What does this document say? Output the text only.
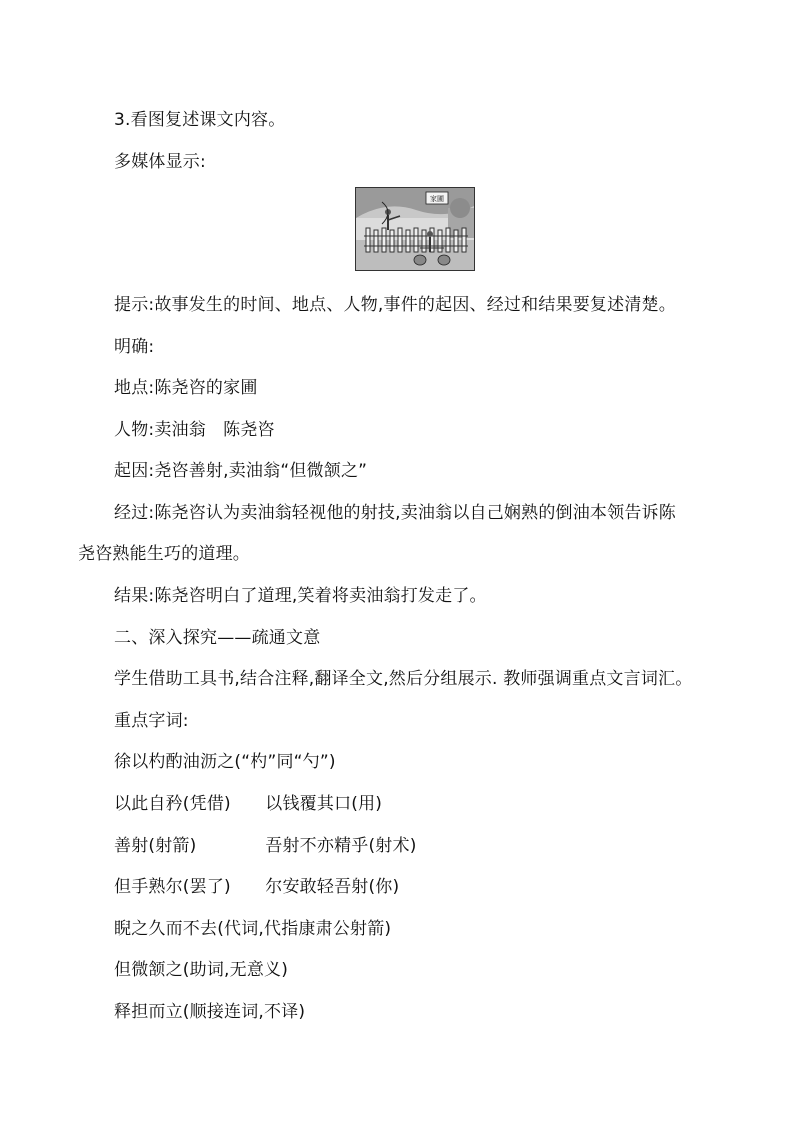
3.看图复述课文内容。
多媒体显示:
家圃
提示:故事发生的时间、地点、人物,事件的起因、经过和结果要复述清楚。
明确:
地点:陈尧咨的家圃
人物:卖油翁　陈尧咨
起因:尧咨善射,卖油翁“但微颔之”
经过:陈尧咨认为卖油翁轻视他的射技,卖油翁以自己娴熟的倒油本领告诉陈
尧咨熟能生巧的道理。
结果:陈尧咨明白了道理,笑着将卖油翁打发走了。
二、深入探究——疏通文意
学生借助工具书,结合注释,翻译全文,然后分组展示. 教师强调重点文言词汇。
重点字词:
徐以杓酌油沥之(“杓”同“勺”)
以此自矜(凭借)　　以钱覆其口(用)
善射(射箭)　　　　吾射不亦精乎(射术)
但手熟尔(罢了)　　尔安敢轻吾射(你)
睨之久而不去(代词,代指康肃公射箭)
但微颔之(助词,无意义)
释担而立(顺接连词,不译)
